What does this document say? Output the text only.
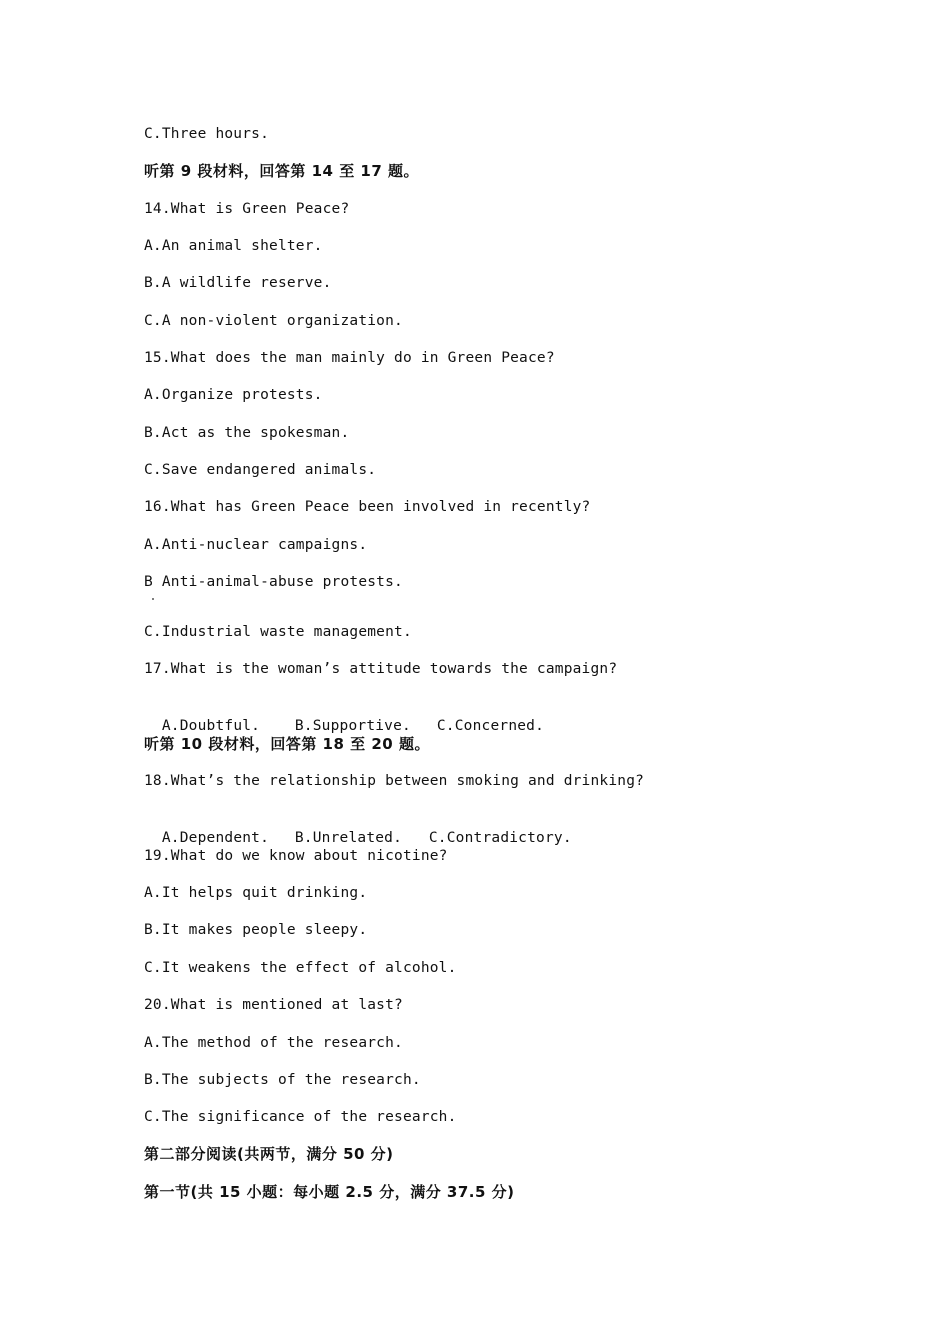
C.Three hours.
听第 9 段材料，回答第 14 至 17 题。
14.What is Green Peace?
A.An animal shelter.
B.A wildlife reserve.
C.A non-violent organization.
15.What does the man mainly do in Green Peace?
A.Organize protests.
B.Act as the spokesman.
C.Save endangered animals.
16.What has Green Peace been involved in recently?
A.Anti-nuclear campaigns.
B Anti-animal-abuse protests.
C.Industrial waste management.
17.What is the woman’s attitude towards the campaign?

A.Doubtful. B.Supportive. C.Concerned.

听第 10 段材料，回答第 18 至 20 题。
18.What’s the relationship between smoking and drinking?

A.Dependent. B.Unrelated. C.Contradictory.

19.What do we know about nicotine?
A.It helps quit drinking.
B.It makes people sleepy.
C.It weakens the effect of alcohol.
20.What is mentioned at last?
A.The method of the research.
B.The subjects of the research.
C.The significance of the research.
第二部分阅读(共两节，满分 50 分)
第一节(共 15 小题：每小题 2.5 分，满分 37.5 分)
